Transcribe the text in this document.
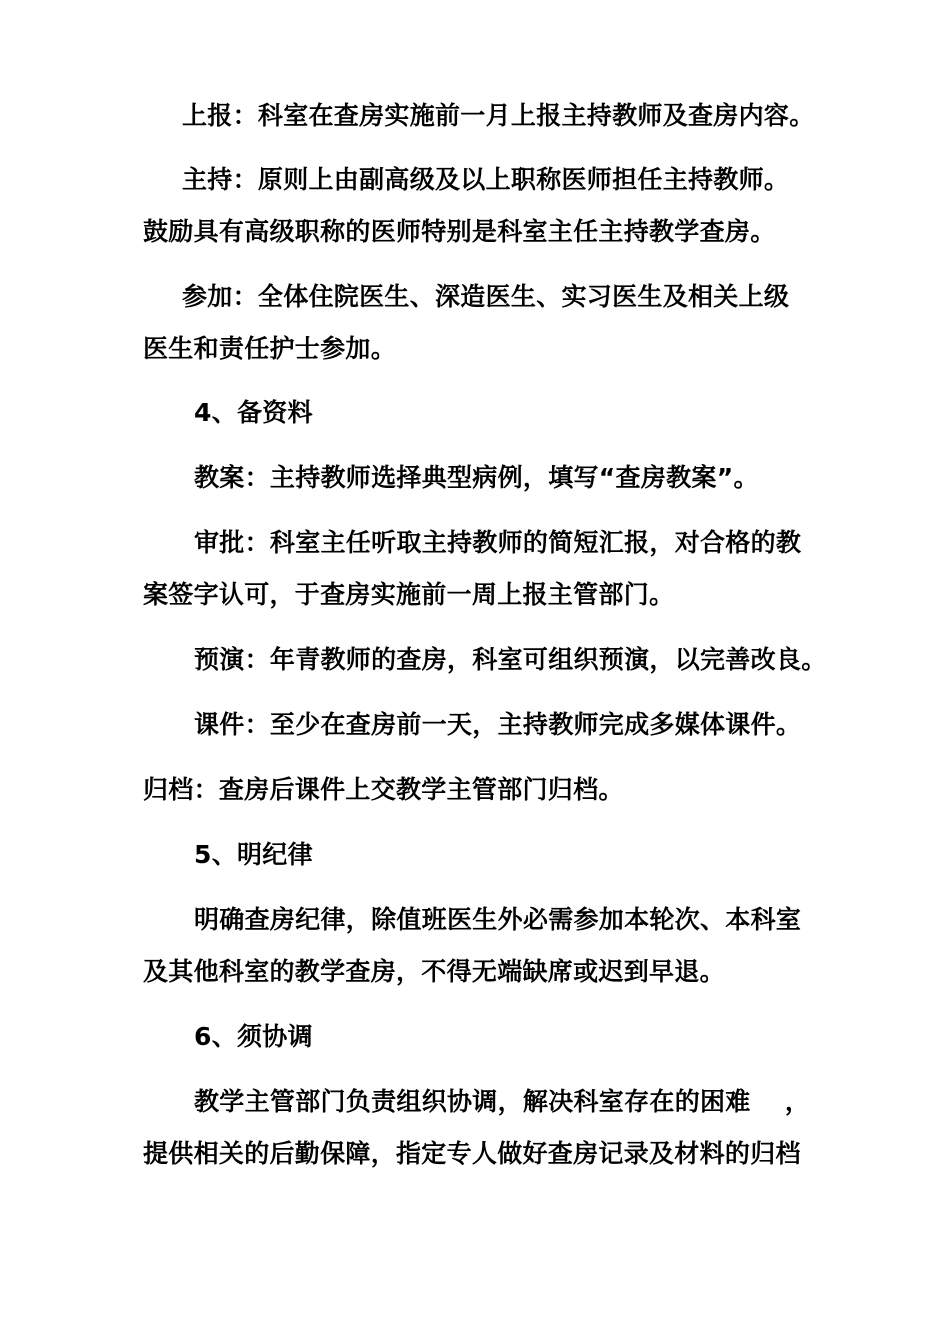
上报：科室在查房实施前一月上报主持教师及查房内容。
主持：原则上由副高级及以上职称医师担任主持教师。
鼓励具有高级职称的医师特别是科室主任主持教学查房。
参加：全体住院医生、深造医生、实习医生及相关上级
医生和责任护士参加。
4、备资料
教案：主持教师选择典型病例，填写“查房教案”。
审批：科室主任听取主持教师的简短汇报，对合格的教
案签字认可，于查房实施前一周上报主管部门。
预演：年青教师的查房，科室可组织预演，以完善改良。
课件：至少在查房前一天，主持教师完成多媒体课件。
归档：查房后课件上交教学主管部门归档。
5、明纪律
明确查房纪律，除值班医生外必需参加本轮次、本科室
及其他科室的教学查房，不得无端缺席或迟到早退。
6、须协调
教学主管部门负责组织协调，解决科室存在的困难　 ，
提供相关的后勤保障，指定专人做好查房记录及材料的归档
